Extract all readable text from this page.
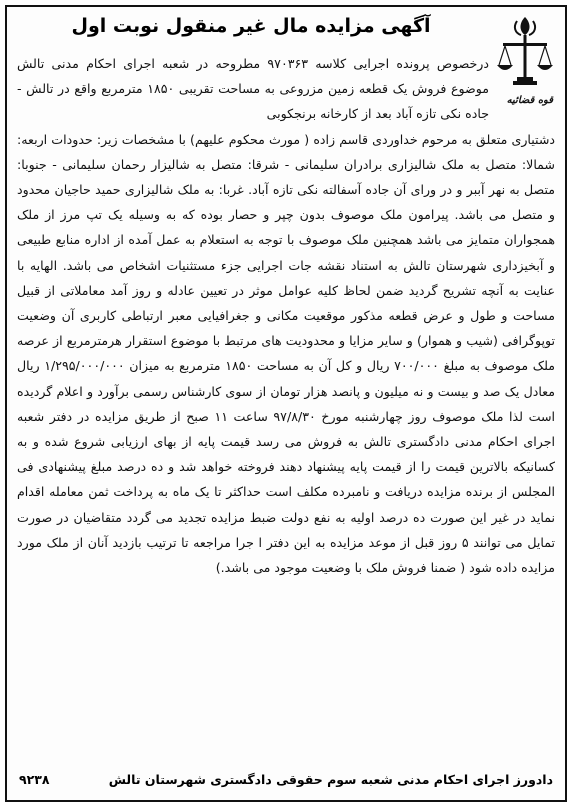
قوه قضائیه
آگهی مزایده مال غیر منقول نوبت اول
درخصوص پرونده اجرایی کلاسه ۹۷۰۳۶۳ مطروحه در شعبه اجرای احکام مدنی تالش موضوع فروش یک قطعه زمین مزروعی به مساحت تقریبی ۱۸۵۰ مترمربع واقع در تالش - جاده نکی تازه آباد بعد از کارخانه برنجکوبی
دشتیاری متعلق به مرحوم خداوردی قاسم زاده ( مورث محکوم علیهم) با مشخصات زیر: حدودات اربعه: شمالا: متصل به ملک شالیزاری برادران سلیمانی - شرقا: متصل به شالیزار رحمان سلیمانی - جنوبا: متصل به نهر آببر و در ورای آن جاده آسفالته نکی تازه آباد. غربا: به ملک شالیزاری حمید حاجیان محدود و متصل می باشد. پیرامون ملک موصوف بدون چپر و حصار بوده که به وسیله یک تپ مرز از ملک همجواران متمایز می باشد همچنین ملک موصوف با توجه به استعلام به عمل آمده از اداره منابع طبیعی و آبخیزداری شهرستان تالش به استناد نقشه جات اجرایی جزء مستثنیات اشخاص می باشد. الهایه با عنایت به آنچه تشریح گردید ضمن لحاظ کلیه عوامل موثر در تعیین عادله و روز آمد معاملاتی از قبیل مساحت و طول و عرض قطعه مذکور موقعیت مکانی و جغرافیایی معبر ارتباطی کاربری آن وضعیت توپوگرافی (شیب و هموار) و سایر مزایا و محدودیت های مرتبط با موضوع استقرار هرمترمربع از عرصه ملک موصوف به مبلغ ۷۰۰/۰۰۰ ریال و کل آن به مساحت ۱۸۵۰ مترمربع به میزان ۱/۲۹۵/۰۰۰/۰۰۰ ریال معادل یک صد و بیست و نه میلیون و پانصد هزار تومان از سوی کارشناس رسمی برآورد و اعلام گردیده است لذا ملک موصوف روز چهارشنبه مورخ ۹۷/۸/۳۰ ساعت ۱۱ صبح از طریق مزایده در دفتر شعبه اجرای احکام مدنی دادگستری تالش به فروش می رسد قیمت پایه از بهای ارزیابی شروع شده و به کسانیکه بالاترین قیمت را از قیمت پایه پیشنهاد دهند فروخته خواهد شد و ده درصد مبلغ پیشنهادی فی المجلس از برنده مزایده دریافت و نامبرده مکلف است حداکثر تا یک ماه به پرداخت ثمن معامله اقدام نماید در غیر این صورت ده درصد اولیه به نفع دولت ضبط مزایده تجدید می گردد متقاضیان در صورت تمایل می توانند ۵ روز قبل از موعد مزایده به این دفتر ا جرا مراجعه تا ترتیب بازدید آنان از ملک مورد مزایده داده شود ( ضمنا فروش ملک با وضعیت موجود می باشد.)
دادورز اجرای احکام مدنی شعبه سوم حقوقی دادگستری شهرستان تالش
۹۲۳۸
